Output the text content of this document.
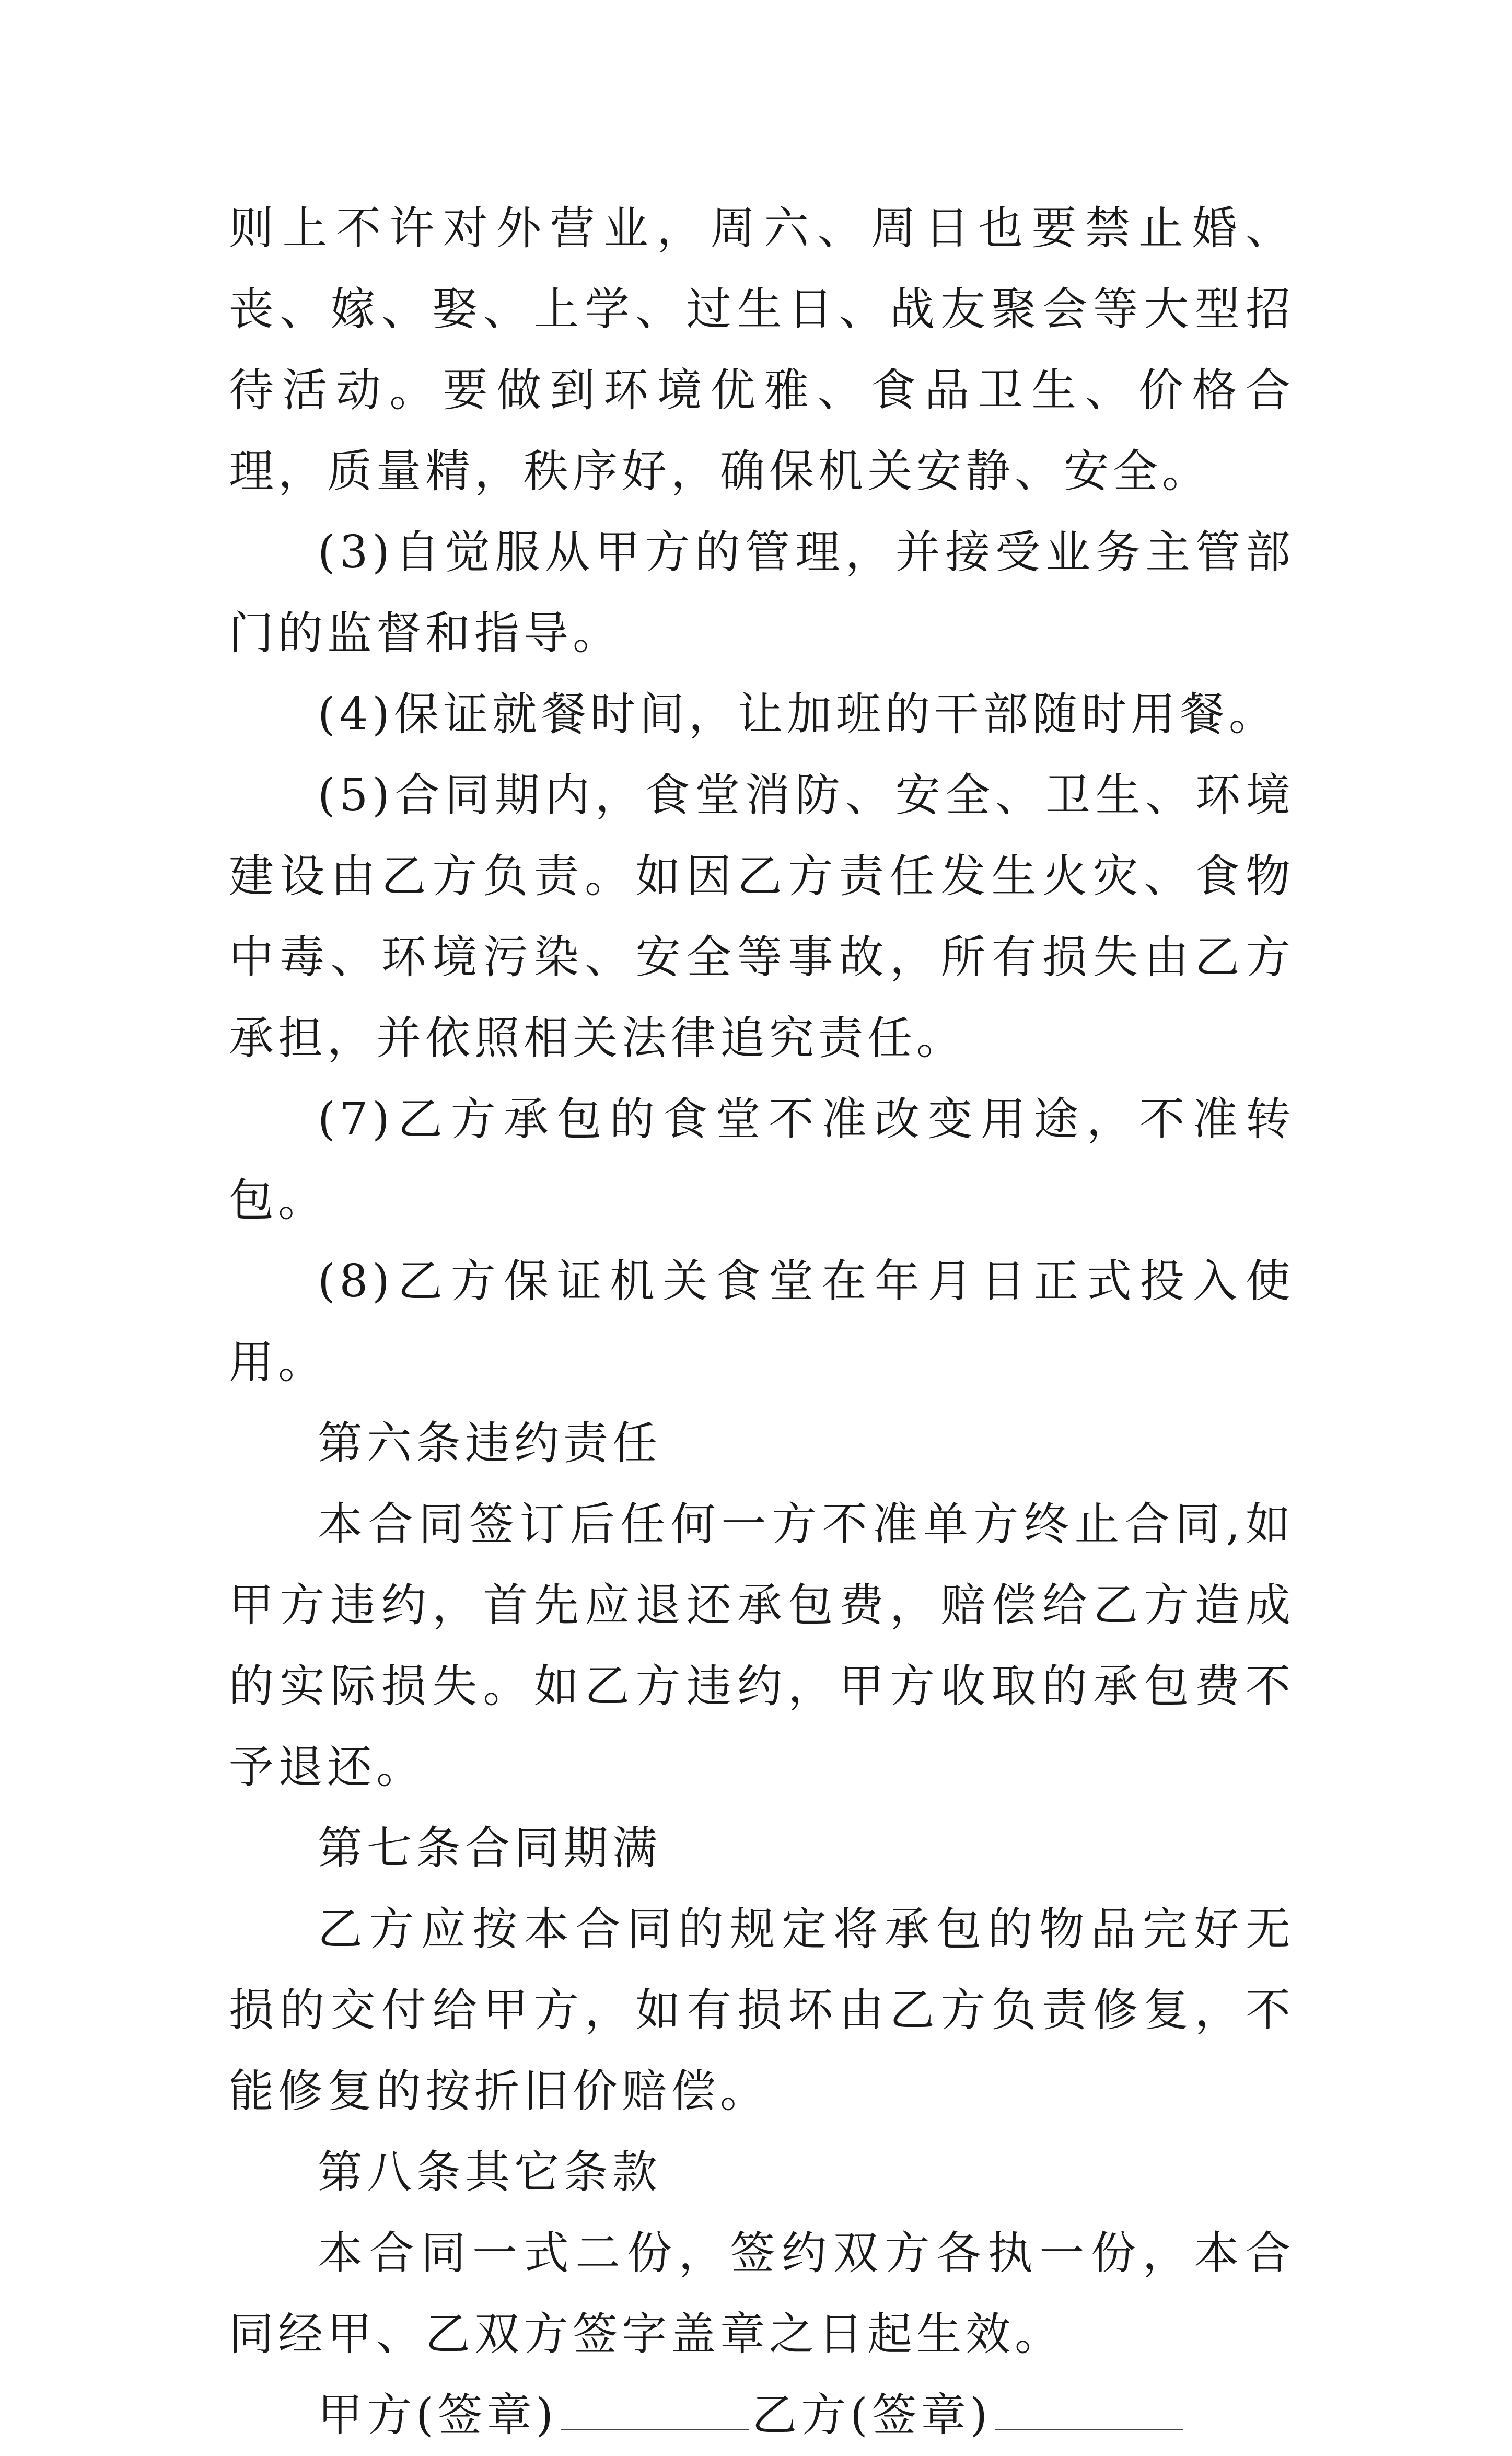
则上不许对外营业，周六、周日也要禁止婚、丧、嫁、娶、上学、过生日、战友聚会等大型招待活动。要做到环境优雅、食品卫生、价格合理，质量精，秩序好，确保机关安静、安全。

(3)自觉服从甲方的管理，并接受业务主管部门的监督和指导。

(4)保证就餐时间，让加班的干部随时用餐。

(5)合同期内，食堂消防、安全、卫生、环境建设由乙方负责。如因乙方责任发生火灾、食物中毒、环境污染、安全等事故，所有损失由乙方承担，并依照相关法律追究责任。

(7)乙方承包的食堂不准改变用途，不准转包。

(8)乙方保证机关食堂在年月日正式投入使用。

第六条违约责任

本合同签订后任何一方不准单方终止合同,如甲方违约，首先应退还承包费，赔偿给乙方造成的实际损失。如乙方违约，甲方收取的承包费不予退还。

第七条合同期满

乙方应按本合同的规定将承包的物品完好无损的交付给甲方，如有损坏由乙方负责修复，不能修复的按折旧价赔偿。

第八条其它条款

本合同一式二份，签约双方各执一份，本合同经甲、乙双方签字盖章之日起生效。

甲方(签章)	乙方(签章)
